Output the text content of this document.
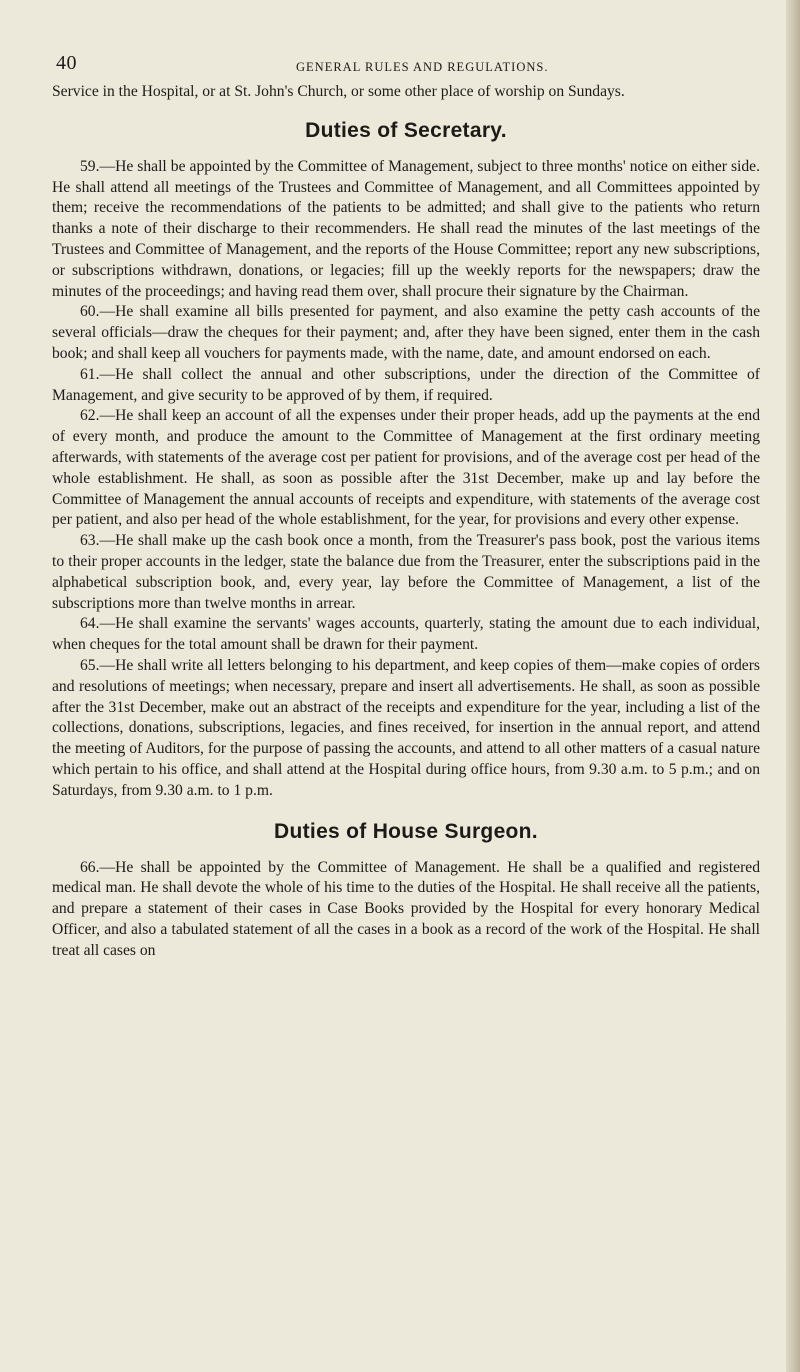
40	GENERAL RULES AND REGULATIONS.

Service in the Hospital, or at St. John's Church, or some other place of worship on Sundays.

Duties of Secretary.

59.—He shall be appointed by the Committee of Management, subject to three months' notice on either side. He shall attend all meetings of the Trustees and Committee of Management, and all Committees appointed by them; receive the recommendations of the patients to be admitted; and shall give to the patients who return thanks a note of their discharge to their recommenders. He shall read the minutes of the last meetings of the Trustees and Committee of Management, and the reports of the House Committee; report any new subscriptions, or subscriptions withdrawn, donations, or legacies; fill up the weekly reports for the newspapers; draw the minutes of the proceedings; and having read them over, shall procure their signature by the Chairman.

60.—He shall examine all bills presented for payment, and also examine the petty cash accounts of the several officials—draw the cheques for their payment; and, after they have been signed, enter them in the cash book; and shall keep all vouchers for payments made, with the name, date, and amount endorsed on each.

61.—He shall collect the annual and other subscriptions, under the direction of the Committee of Management, and give security to be approved of by them, if required.

62.—He shall keep an account of all the expenses under their proper heads, add up the payments at the end of every month, and produce the amount to the Committee of Management at the first ordinary meeting afterwards, with statements of the average cost per patient for provisions, and of the average cost per head of the whole establishment. He shall, as soon as possible after the 31st December, make up and lay before the Committee of Management the annual accounts of receipts and expenditure, with statements of the average cost per patient, and also per head of the whole establishment, for the year, for provisions and every other expense.

63.—He shall make up the cash book once a month, from the Treasurer's pass book, post the various items to their proper accounts in the ledger, state the balance due from the Treasurer, enter the subscriptions paid in the alphabetical subscription book, and, every year, lay before the Committee of Management, a list of the subscriptions more than twelve months in arrear.

64.—He shall examine the servants' wages accounts, quarterly, stating the amount due to each individual, when cheques for the total amount shall be drawn for their payment.

65.—He shall write all letters belonging to his department, and keep copies of them—make copies of orders and resolutions of meetings; when necessary, prepare and insert all advertisements. He shall, as soon as possible after the 31st December, make out an abstract of the receipts and expenditure for the year, including a list of the collections, donations, subscriptions, legacies, and fines received, for insertion in the annual report, and attend the meeting of Auditors, for the purpose of passing the accounts, and attend to all other matters of a casual nature which pertain to his office, and shall attend at the Hospital during office hours, from 9.30 a.m. to 5 p.m.; and on Saturdays, from 9.30 a.m. to 1 p.m.

Duties of House Surgeon.

66.—He shall be appointed by the Committee of Management. He shall be a qualified and registered medical man. He shall devote the whole of his time to the duties of the Hospital. He shall receive all the patients, and prepare a statement of their cases in Case Books provided by the Hospital for every honorary Medical Officer, and also a tabulated statement of all the cases in a book as a record of the work of the Hospital. He shall treat all cases on
